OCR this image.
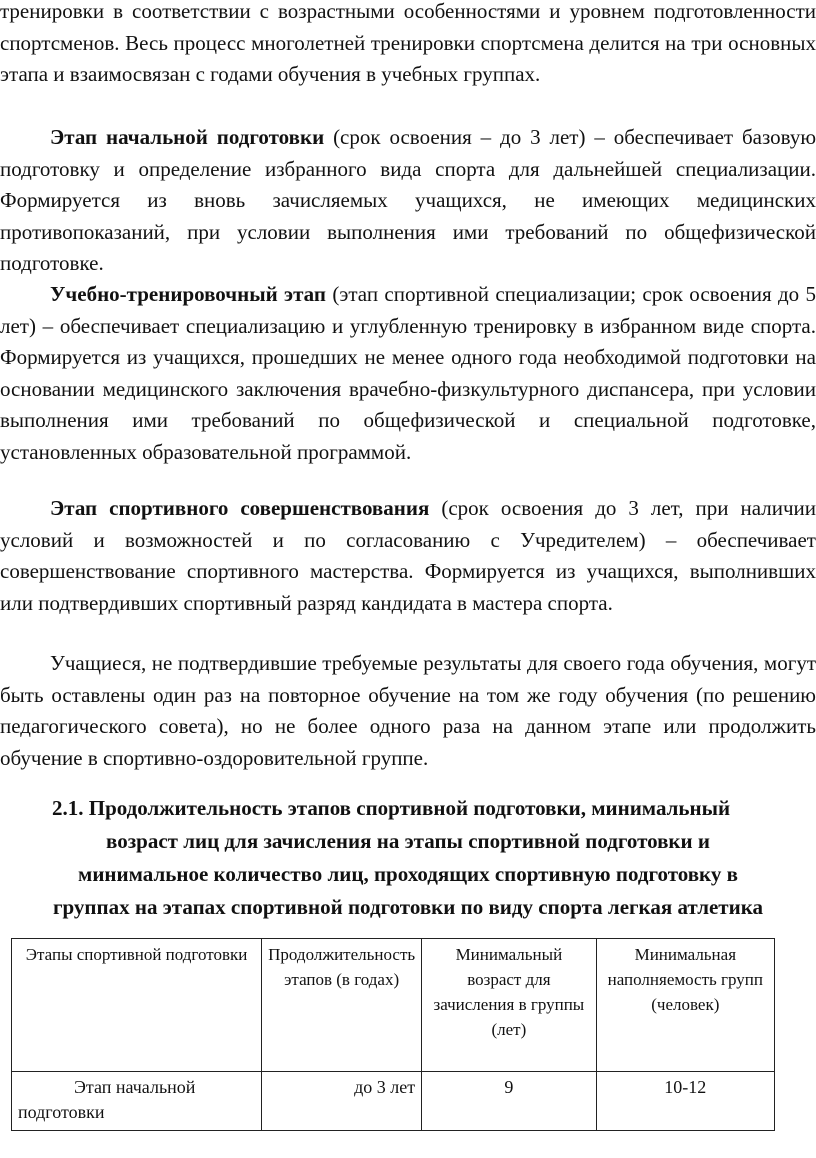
тренировки в соответствии с возрастными особенностями и уровнем подготовленности спортсменов. Весь процесс многолетней тренировки спортсмена делится на три основных этапа и взаимосвязан с годами обучения в учебных группах.

Этап начальной подготовки (срок освоения – до 3 лет) – обеспечивает базовую подготовку и определение избранного вида спорта для дальнейшей специализации. Формируется из вновь зачисляемых учащихся, не имеющих медицинских противопоказаний, при условии выполнения ими требований по общефизической подготовке.

Учебно-тренировочный этап (этап спортивной специализации; срок освоения до 5 лет) – обеспечивает специализацию и углубленную тренировку в избранном виде спорта. Формируется из учащихся, прошедших не менее одного года необходимой подготовки на основании медицинского заключения врачебно-физкультурного диспансера, при условии выполнения ими требований по общефизической и специальной подготовке, установленных образовательной программой.

Этап спортивного совершенствования (срок освоения до 3 лет, при наличии условий и возможностей и по согласованию с Учредителем) – обеспечивает совершенствование спортивного мастерства. Формируется из учащихся, выполнивших или подтвердивших спортивный разряд кандидата в мастера спорта.

Учащиеся, не подтвердившие требуемые результаты для своего года обучения, могут быть оставлены один раз на повторное обучение на том же году обучения (по решению педагогического совета), но не более одного раза на данном этапе или продолжить обучение в спортивно-оздоровительной группе.

2.1. Продолжительность этапов спортивной подготовки, минимальный
возраст лиц для зачисления на этапы спортивной подготовки и
минимальное количество лиц, проходящих спортивную подготовку в
группах на этапах спортивной подготовки по виду спорта легкая атлетика
Этапы спортивной подготовки	Продолжительность этапов (в годах)	Минимальный возраст для зачисления в группы (лет)	Минимальная наполняемость групп (человек)
Этап начальной подготовки	до 3 лет	9	10-12
